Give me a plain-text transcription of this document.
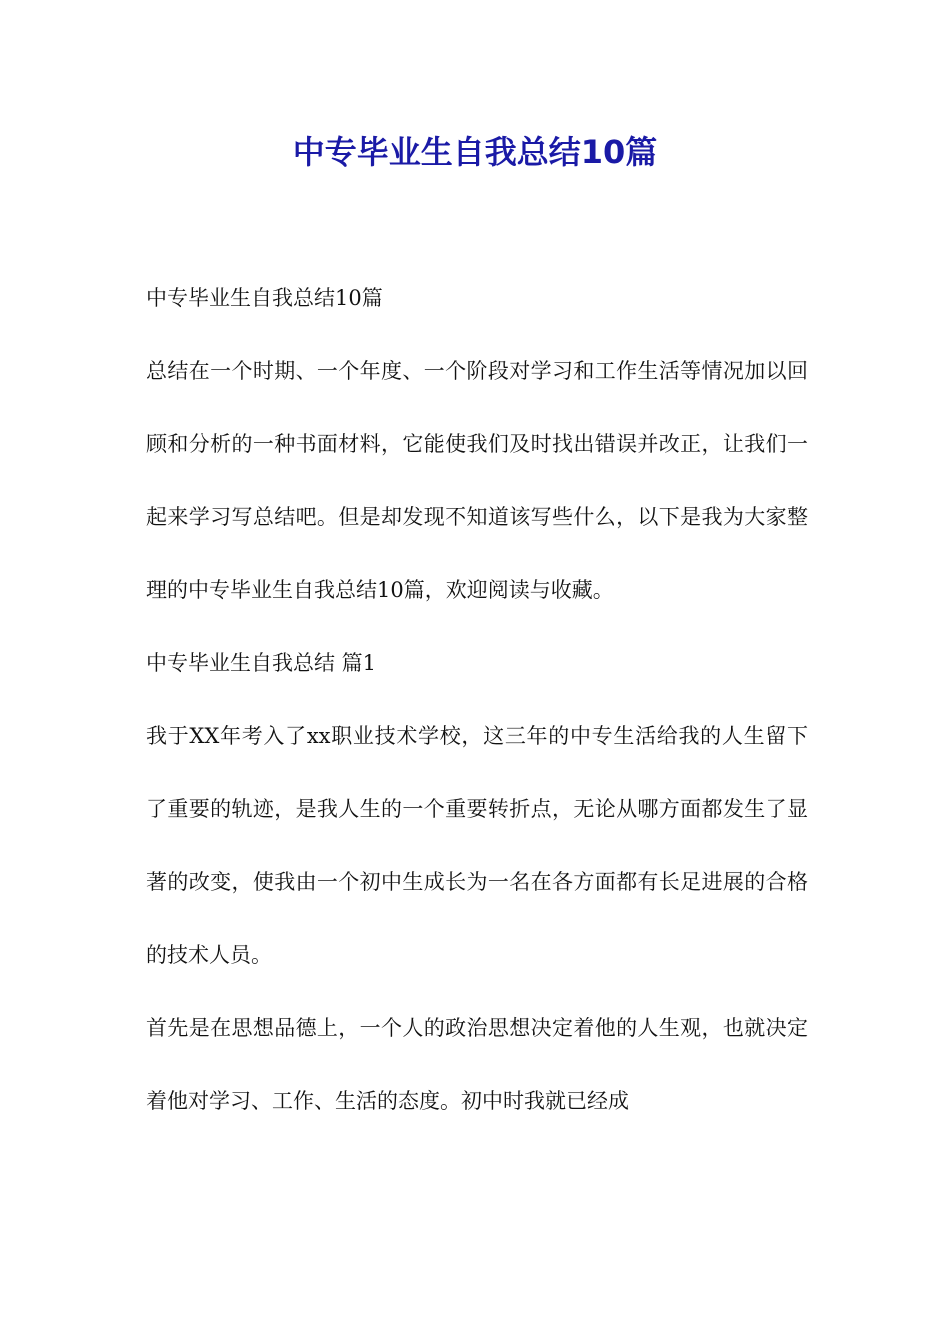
中专毕业生自我总结10篇

中专毕业生自我总结10篇

总结在一个时期、一个年度、一个阶段对学习和工作生活等情况加以回顾和分析的一种书面材料，它能使我们及时找出错误并改正，让我们一起来学习写总结吧。但是却发现不知道该写些什么，以下是我为大家整理的中专毕业生自我总结10篇，欢迎阅读与收藏。

中专毕业生自我总结 篇1

我于XX年考入了xx职业技术学校，这三年的中专生活给我的人生留下了重要的轨迹，是我人生的一个重要转折点，无论从哪方面都发生了显著的改变，使我由一个初中生成长为一名在各方面都有长足进展的合格的技术人员。

首先是在思想品德上，一个人的政治思想决定着他的人生观，也就决定着他对学习、工作、生活的态度。初中时我就已经成
